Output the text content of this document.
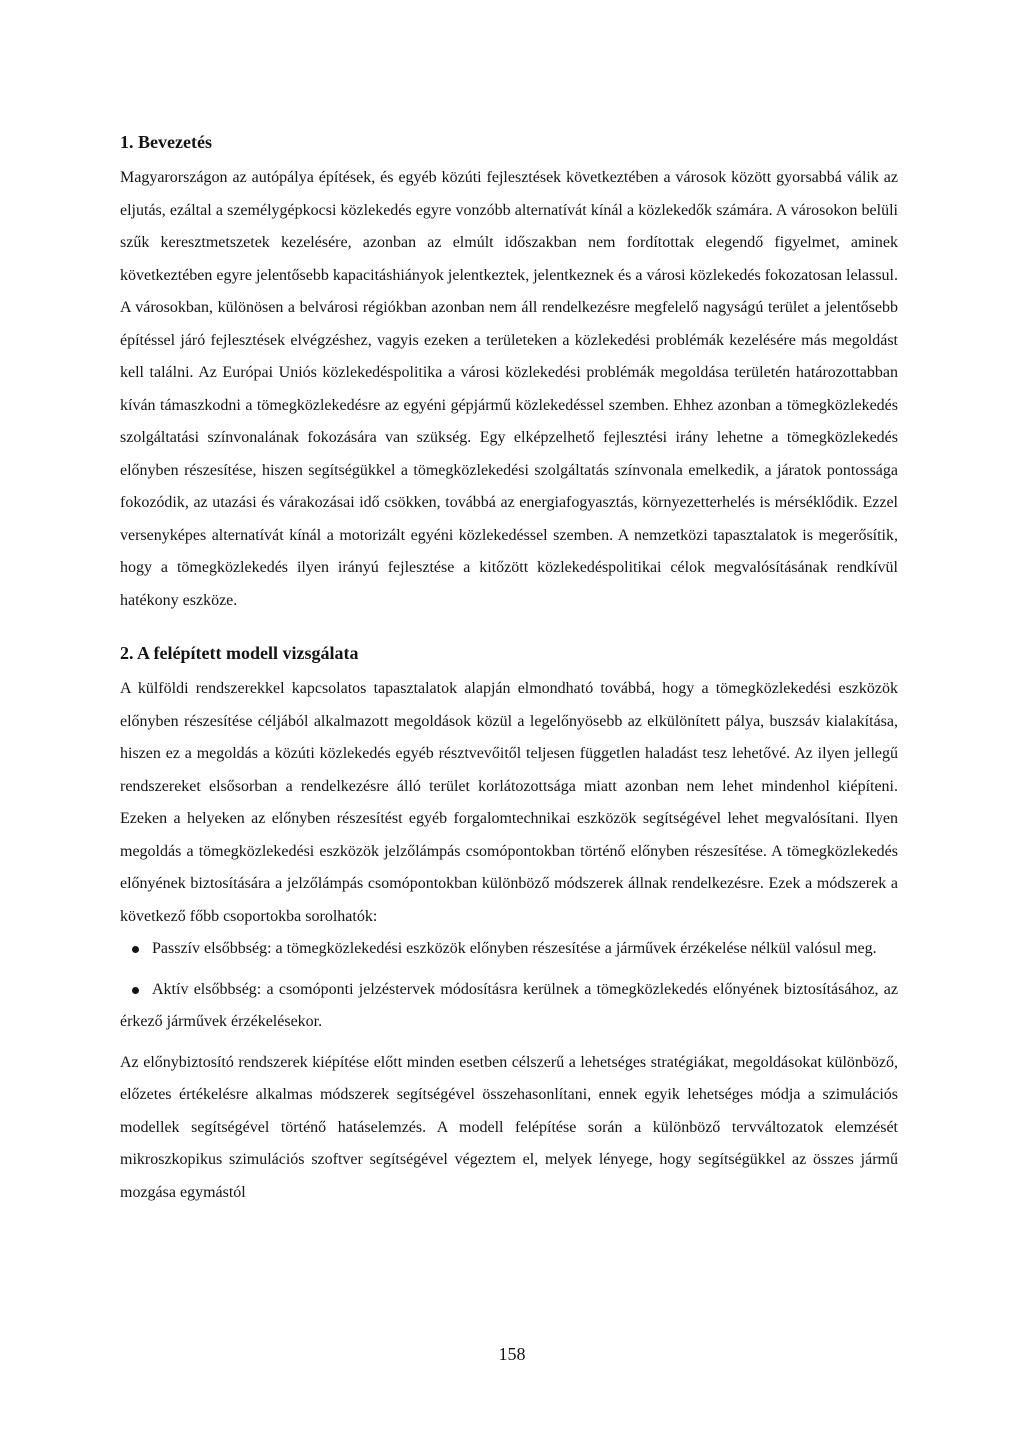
1. Bevezetés

Magyarországon az autópálya építések, és egyéb közúti fejlesztések következtében a városok között gyorsabbá válik az eljutás, ezáltal a személygépkocsi közlekedés egyre vonzóbb alternatívát kínál a közlekedők számára. A városokon belüli szűk keresztmetszetek kezelésére, azonban az elmúlt időszakban nem fordítottak elegendő figyelmet, aminek következtében egyre jelentősebb kapacitáshiányok jelentkeztek, jelentkeznek és a városi közlekedés fokozatosan lelassul. A városokban, különösen a belvárosi régiókban azonban nem áll rendelkezésre megfelelő nagyságú terület a jelentősebb építéssel járó fejlesztések elvégzéshez, vagyis ezeken a területeken a közlekedési problémák kezelésére más megoldást kell találni. Az Európai Uniós közlekedéspolitika a városi közlekedési problémák megoldása területén határozottabban kíván támaszkodni a tömegközlekedésre az egyéni gépjármű közlekedéssel szemben. Ehhez azonban a tömegközlekedés szolgáltatási színvonalának fokozására van szükség. Egy elképzelhető fejlesztési irány lehetne a tömegközlekedés előnyben részesítése, hiszen segítségükkel a tömegközlekedési szolgáltatás színvonala emelkedik, a járatok pontossága fokozódik, az utazási és várakozásai idő csökken, továbbá az energiafogyasztás, környezetterhelés is mérséklődik. Ezzel versenyképes alternatívát kínál a motorizált egyéni közlekedéssel szemben. A nemzetközi tapasztalatok is megerősítik, hogy a tömegközlekedés ilyen irányú fejlesztése a kitőzött közlekedéspolitikai célok megvalósításának rendkívül hatékony eszköze.

2. A felépített modell vizsgálata

A külföldi rendszerekkel kapcsolatos tapasztalatok alapján elmondható továbbá, hogy a tömegközlekedési eszközök előnyben részesítése céljából alkalmazott megoldások közül a legelőnyösebb az elkülönített pálya, buszsáv kialakítása, hiszen ez a megoldás a közúti közlekedés egyéb résztvevőitől teljesen független haladást tesz lehetővé. Az ilyen jellegű rendszereket elsősorban a rendelkezésre álló terület korlátozottsága miatt azonban nem lehet mindenhol kiépíteni. Ezeken a helyeken az előnyben részesítést egyéb forgalomtechnikai eszközök segítségével lehet megvalósítani. Ilyen megoldás a tömegközlekedési eszközök jelzőlámpás csomópontokban történő előnyben részesítése. A tömegközlekedés előnyének biztosítására a jelzőlámpás csomópontokban különböző módszerek állnak rendelkezésre. Ezek a módszerek a következő főbb csoportokba sorolhatók:

Passzív elsőbbség: a tömegközlekedési eszközök előnyben részesítése a járművek érzékelése nélkül valósul meg.
Aktív elsőbbség: a csomóponti jelzéstervek módosításra kerülnek a tömegközlekedés előnyének biztosításához, az érkező járművek érzékelésekor.

Az előnybiztosító rendszerek kiépítése előtt minden esetben célszerű a lehetséges stratégiákat, megoldásokat különböző, előzetes értékelésre alkalmas módszerek segítségével összehasonlítani, ennek egyik lehetséges módja a szimulációs modellek segítségével történő hatáselemzés. A modell felépítése során a különböző tervváltozatok elemzését mikroszkopikus szimulációs szoftver segítségével végeztem el, melyek lényege, hogy segítségükkel az összes jármű mozgása egymástól

158
